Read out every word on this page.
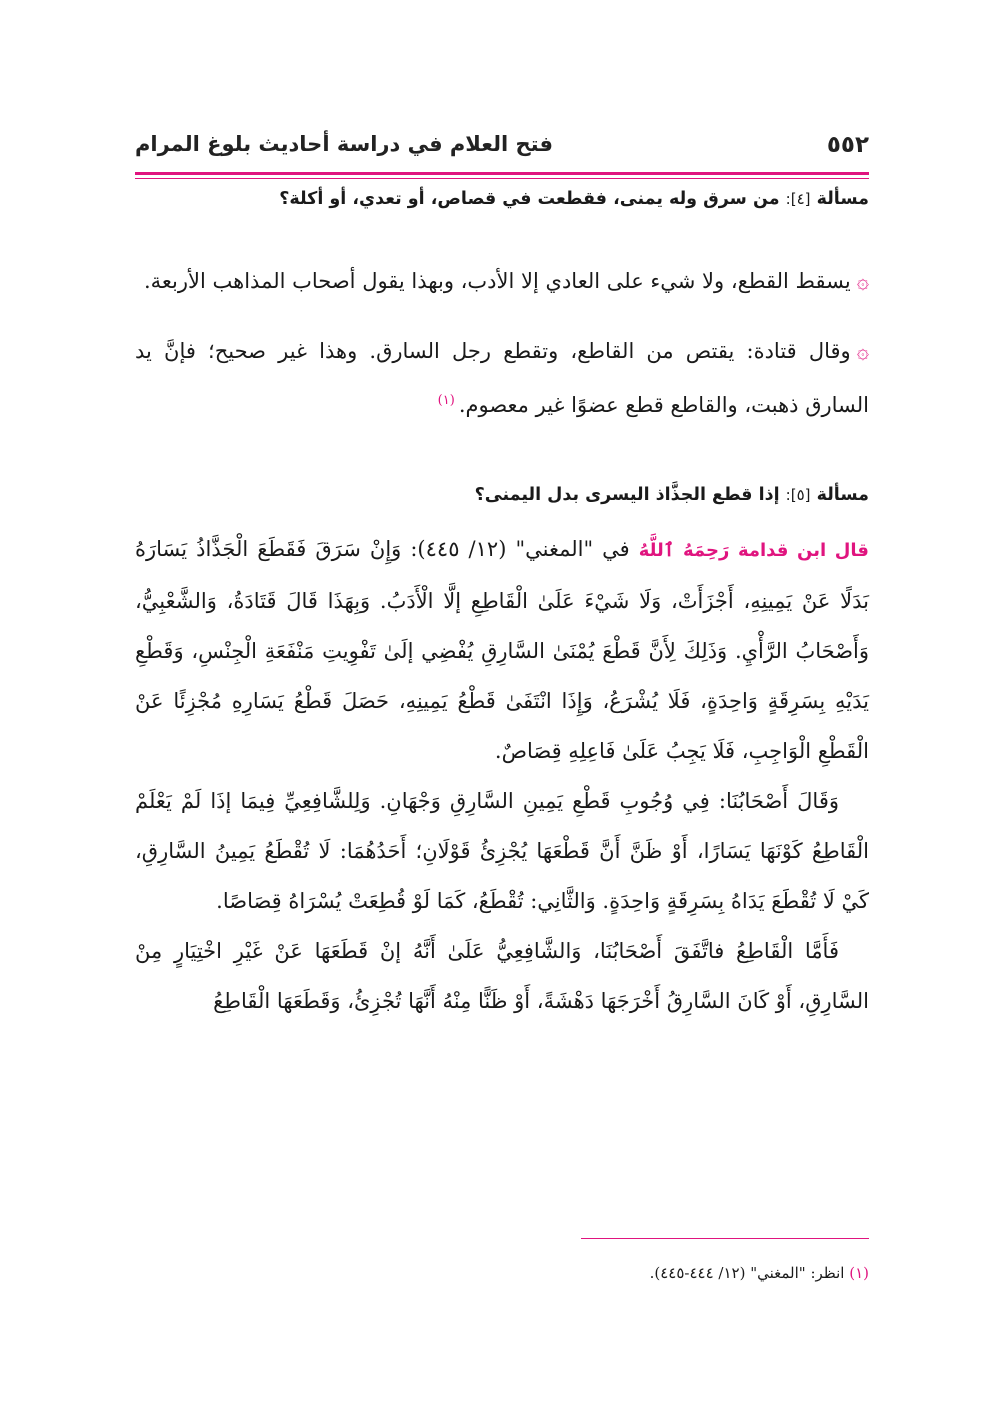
٥٥٢
فتح العلام في دراسة أحاديث بلوغ المرام

مسألة [٤]: من سرق وله يمنى، فقطعت في قصاص، أو تعدي، أو أكلة؟

۞يسقط القطع، ولا شيء على العادي إلا الأدب، وبهذا يقول أصحاب المذاهب الأربعة.

۞وقال قتادة: يقتص من القاطع، وتقطع رجل السارق. وهذا غير صحيح؛ فإنَّ يد السارق ذهبت، والقاطع قطع عضوًا غير معصوم.$^{(١)}$

مسألة [٥]: إذا قطع الجذَّاذ اليسرى بدل اليمنى؟

قال ابن قدامة رَحِمَهُ ٱللَّهُ في "المغني" (١٢/ ٤٤٥): وَإِنْ سَرَقَ فَقَطَعَ الْجَذَّاذُ يَسَارَهُ بَدَلًا عَنْ يَمِينِهِ، أَجْزَأَتْ، وَلَا شَيْءَ عَلَىٰ الْقَاطِعِ إلَّا الْأَدَبُ. وَبِهَذَا قَالَ قَتَادَةُ، وَالشَّعْبِيُّ، وَأَصْحَابُ الرَّأْيِ. وَذَلِكَ لِأَنَّ قَطْعَ يُمْنَىٰ السَّارِقِ يُفْضِي إلَىٰ تَفْوِيتِ مَنْفَعَةِ الْجِنْسِ، وَقَطْعِ يَدَيْهِ بِسَرِقَةٍ وَاحِدَةٍ، فَلَا يُشْرَعُ، وَإِذَا انْتَفَىٰ قَطْعُ يَمِينِهِ، حَصَلَ قَطْعُ يَسَارِهِ مُجْزِئًا عَنْ الْقَطْعِ الْوَاجِبِ، فَلَا يَجِبُ عَلَىٰ فَاعِلِهِ قِصَاصٌ.

وَقَالَ أَصْحَابُنَا: فِي وُجُوبِ قَطْعِ يَمِينِ السَّارِقِ وَجْهَانِ. وَلِلشَّافِعِيِّ فِيمَا إذَا لَمْ يَعْلَمْ الْقَاطِعُ كَوْنَهَا يَسَارًا، أَوْ ظَنَّ أَنَّ قَطْعَهَا يُجْزِئُ قَوْلَانِ؛ أَحَدُهُمَا: لَا تُقْطَعُ يَمِينُ السَّارِقِ، كَيْ لَا تُقْطَعَ يَدَاهُ بِسَرِقَةٍ وَاحِدَةٍ. وَالثَّانِي: تُقْطَعُ، كَمَا لَوْ قُطِعَتْ يُسْرَاهُ قِصَاصًا.

فَأَمَّا الْقَاطِعُ فاتَّفَقَ أَصْحَابُنَا، وَالشَّافِعِيُّ عَلَىٰ أَنَّهُ إنْ قَطَعَهَا عَنْ غَيْرِ اخْتِيَارٍ مِنْ السَّارِقِ، أَوْ كَانَ السَّارِقُ أَخْرَجَهَا دَهْشَةً، أَوْ ظَنًّا مِنْهُ أَنَّهَا تُجْزِئُ، وَقَطَعَهَا الْقَاطِعُ

(١) انظر: "المغني" (١٢/ ٤٤٤-٤٤٥).
